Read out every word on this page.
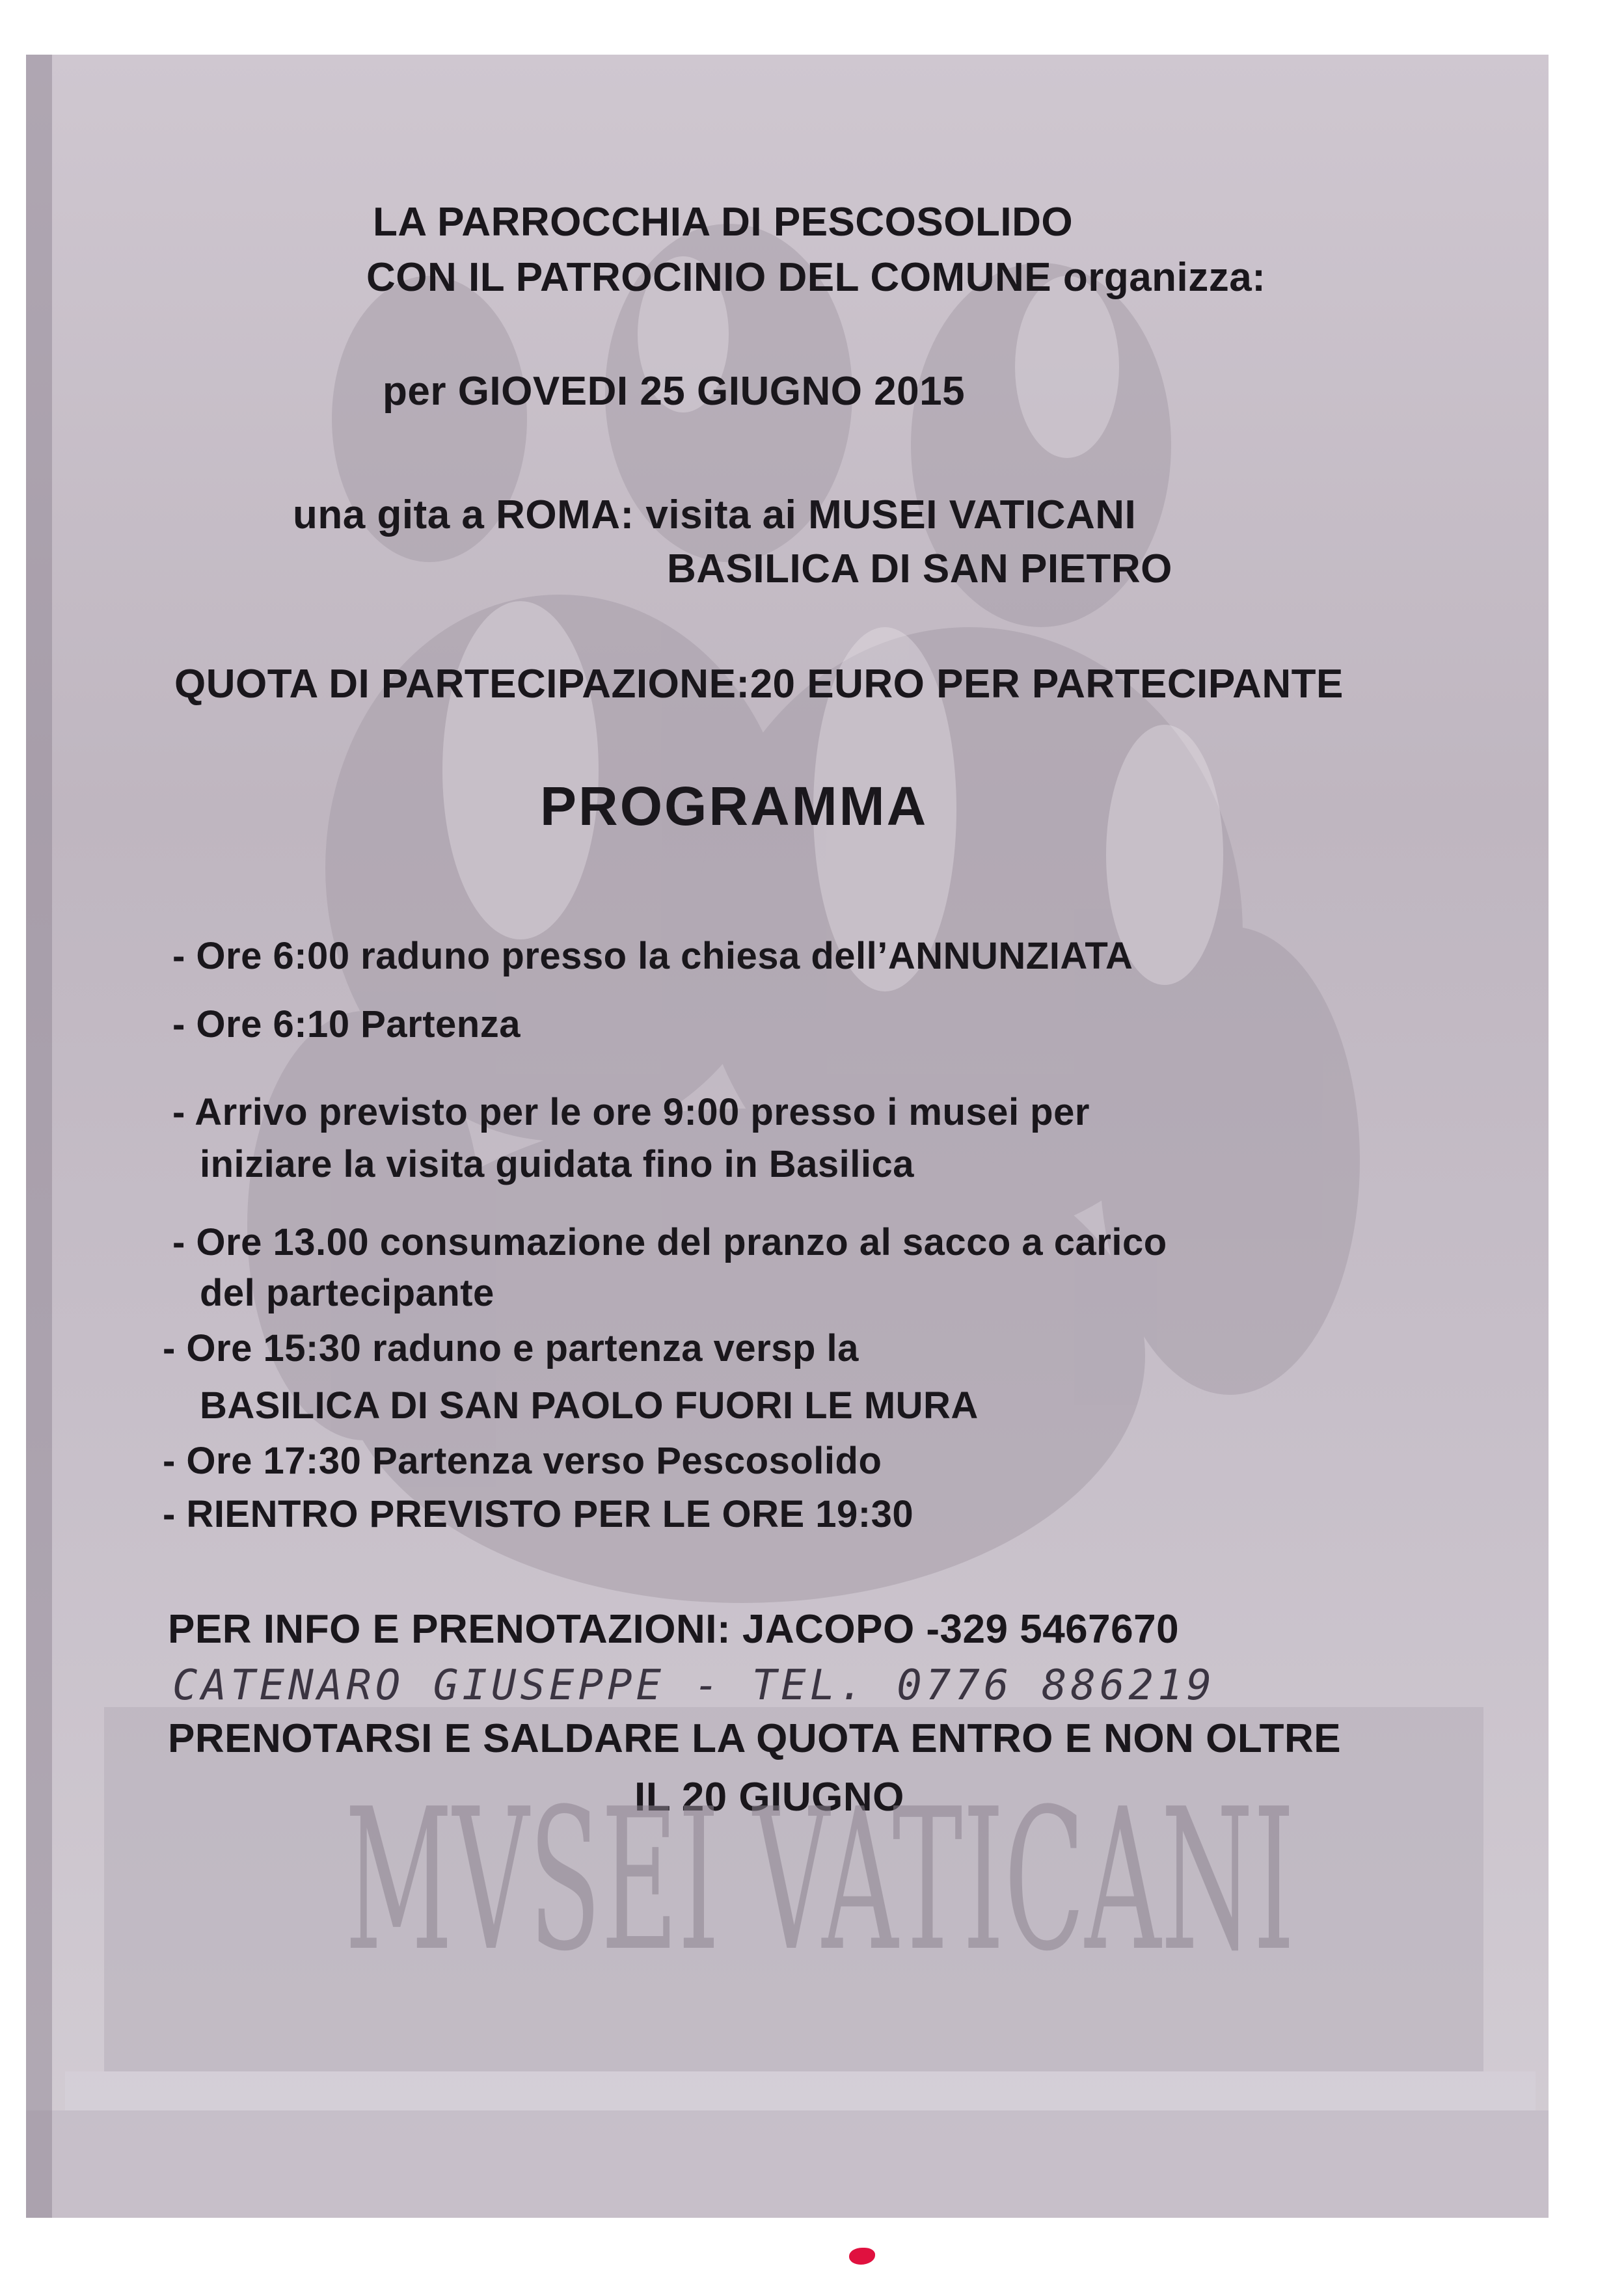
LA PARROCCHIA DI PESCOSOLIDO
CON IL PATROCINIO DEL COMUNE organizza:
per GIOVEDI 25 GIUGNO 2015
una gita a ROMA: visita ai MUSEI VATICANI
BASILICA DI SAN PIETRO
QUOTA DI PARTECIPAZIONE:20 EURO PER PARTECIPANTE
PROGRAMMA
- Ore 6:00 raduno presso la chiesa dell’ANNUNZIATA
- Ore 6:10 Partenza
- Arrivo previsto per le ore 9:00 presso i musei per
iniziare la visita guidata fino in Basilica
- Ore 13.00 consumazione del pranzo al sacco a carico
del partecipante
- Ore 15:30 raduno e partenza versp la
BASILICA DI SAN PAOLO FUORI LE MURA
- Ore 17:30 Partenza verso Pescosolido
- RIENTRO PREVISTO PER LE ORE 19:30
PER INFO E PRENOTAZIONI: JACOPO -329 5467670
CATENARO GIUSEPPE - TEL. 0776 886219
PRENOTARSI E SALDARE LA QUOTA ENTRO E NON OLTRE
IL 20 GIUGNO
MVSEI VATICANI
